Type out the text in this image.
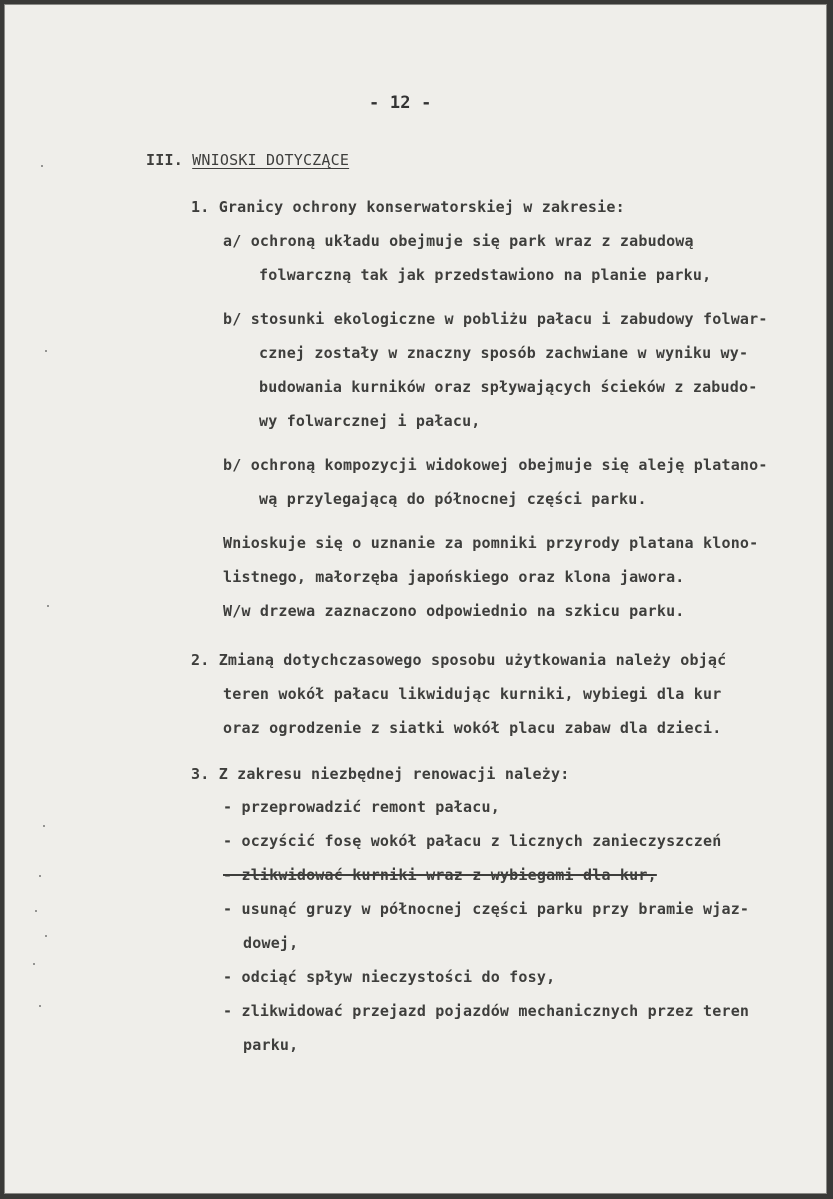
- 12 -
III. WNIOSKI DOTYCZĄCE
1. Granicy ochrony konserwatorskiej w zakresie:
a/ ochroną układu obejmuje się park wraz z zabudową
folwarczną tak jak przedstawiono na planie parku,
b/ stosunki ekologiczne w pobliżu pałacu i zabudowy folwar-
cznej zostały w znaczny sposób zachwiane w wyniku wy-
budowania kurników oraz spływających ścieków z zabudo-
wy folwarcznej i pałacu,
b/ ochroną kompozycji widokowej obejmuje się aleję platano-
wą przylegającą do północnej części parku.
Wnioskuje się o uznanie za pomniki przyrody platana klono-
listnego, małorzęba japońskiego oraz klona jawora.
W/w drzewa zaznaczono odpowiednio na szkicu parku.
2. Zmianą dotychczasowego sposobu użytkowania należy objąć
teren wokół pałacu likwidując kurniki, wybiegi dla kur
oraz ogrodzenie z siatki wokół placu zabaw dla dzieci.
3. Z zakresu niezbędnej renowacji należy:
- przeprowadzić remont pałacu,
- oczyścić fosę wokół pałacu z licznych zanieczyszczeń
- zlikwidować kurniki wraz z wybiegami dla kur,
- usunąć gruzy w północnej części parku przy bramie wjaz-
dowej,
- odciąć spływ nieczystości do fosy,
- zlikwidować przejazd pojazdów mechanicznych przez teren
parku,
